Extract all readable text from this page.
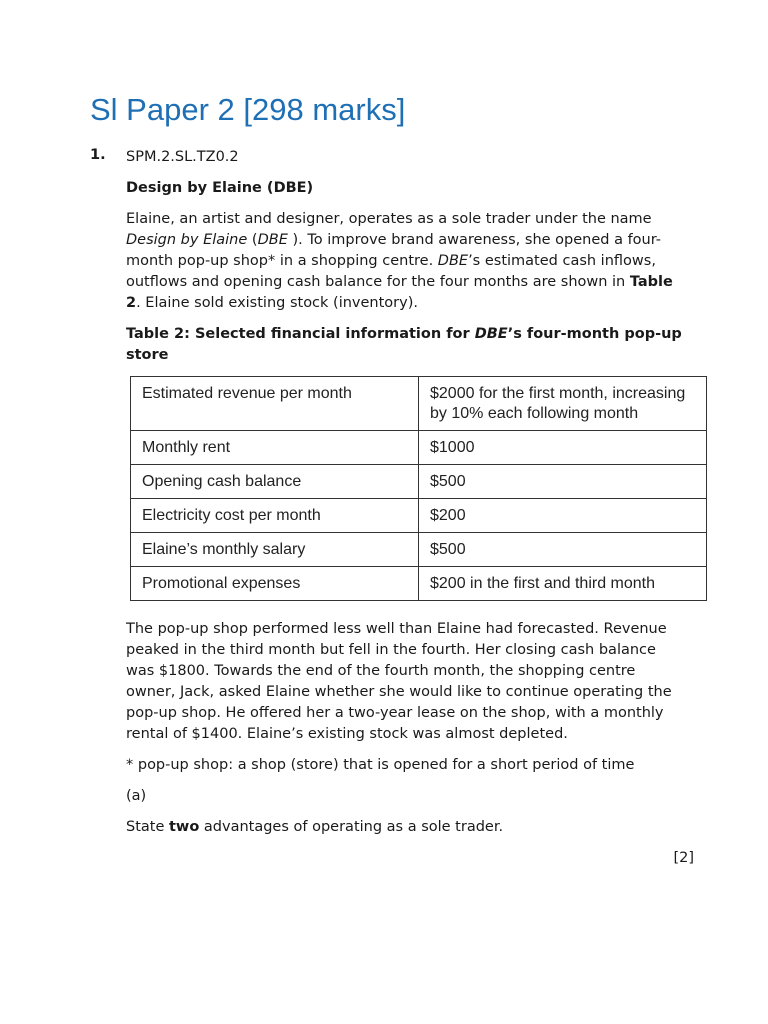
Sl Paper 2 [298 marks]
1. SPM.2.SL.TZ0.2

Design by Elaine (DBE)

Elaine, an artist and designer, operates as a sole trader under the name Design by Elaine (DBE ). To improve brand awareness, she opened a four-month pop-up shop* in a shopping centre. DBE’s estimated cash inflows, outflows and opening cash balance for the four months are shown in Table 2. Elaine sold existing stock (inventory).

Table 2: Selected financial information for DBE’s four-month pop-up store

Estimated revenue per month	$2000 for the first month, increasing by 10% each following month
Monthly rent	$1000
Opening cash balance	$500
Electricity cost per month	$200
Elaine’s monthly salary	$500
Promotional expenses	$200 in the first and third month

The pop-up shop performed less well than Elaine had forecasted. Revenue peaked in the third month but fell in the fourth. Her closing cash balance was $1800. Towards the end of the fourth month, the shopping centre owner, Jack, asked Elaine whether she would like to continue operating the pop-up shop. He offered her a two-year lease on the shop, with a monthly rental of $1400. Elaine’s existing stock was almost depleted.

* pop-up shop: a shop (store) that is opened for a short period of time

(a)

State two advantages of operating as a sole trader.

[2]
